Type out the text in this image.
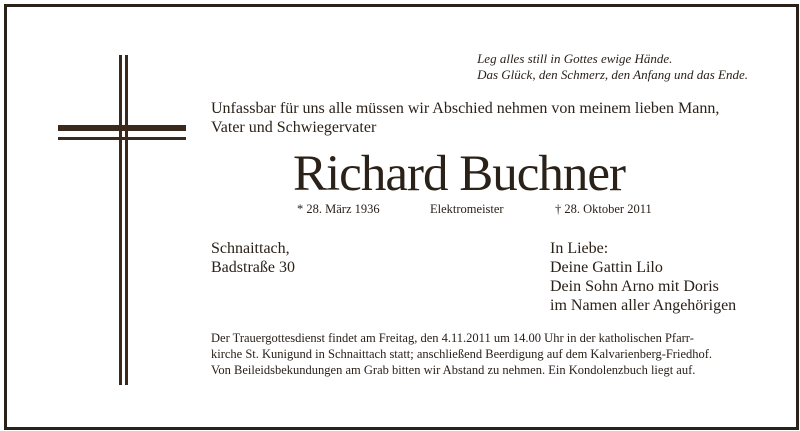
Leg alles still in Gottes ewige Hände.
Das Glück, den Schmerz, den Anfang und das Ende.
Unfassbar für uns alle müssen wir Abschied nehmen von meinem lieben Mann,
Vater und Schwiegervater
Richard Buchner
* 28. März 1936	Elektromeister	† 28. Oktober 2011
Schnaittach,
Badstraße 30
In Liebe:
Deine Gattin Lilo
Dein Sohn Arno mit Doris
im Namen aller Angehörigen
Der Trauergottesdienst findet am Freitag, den 4.11.2011 um 14.00 Uhr in der katholischen Pfarr-
kirche St. Kunigund in Schnaittach statt; anschließend Beerdigung auf dem Kalvarienberg-Friedhof.
Von Beileidsbekundungen am Grab bitten wir Abstand zu nehmen. Ein Kondolenzbuch liegt auf.
